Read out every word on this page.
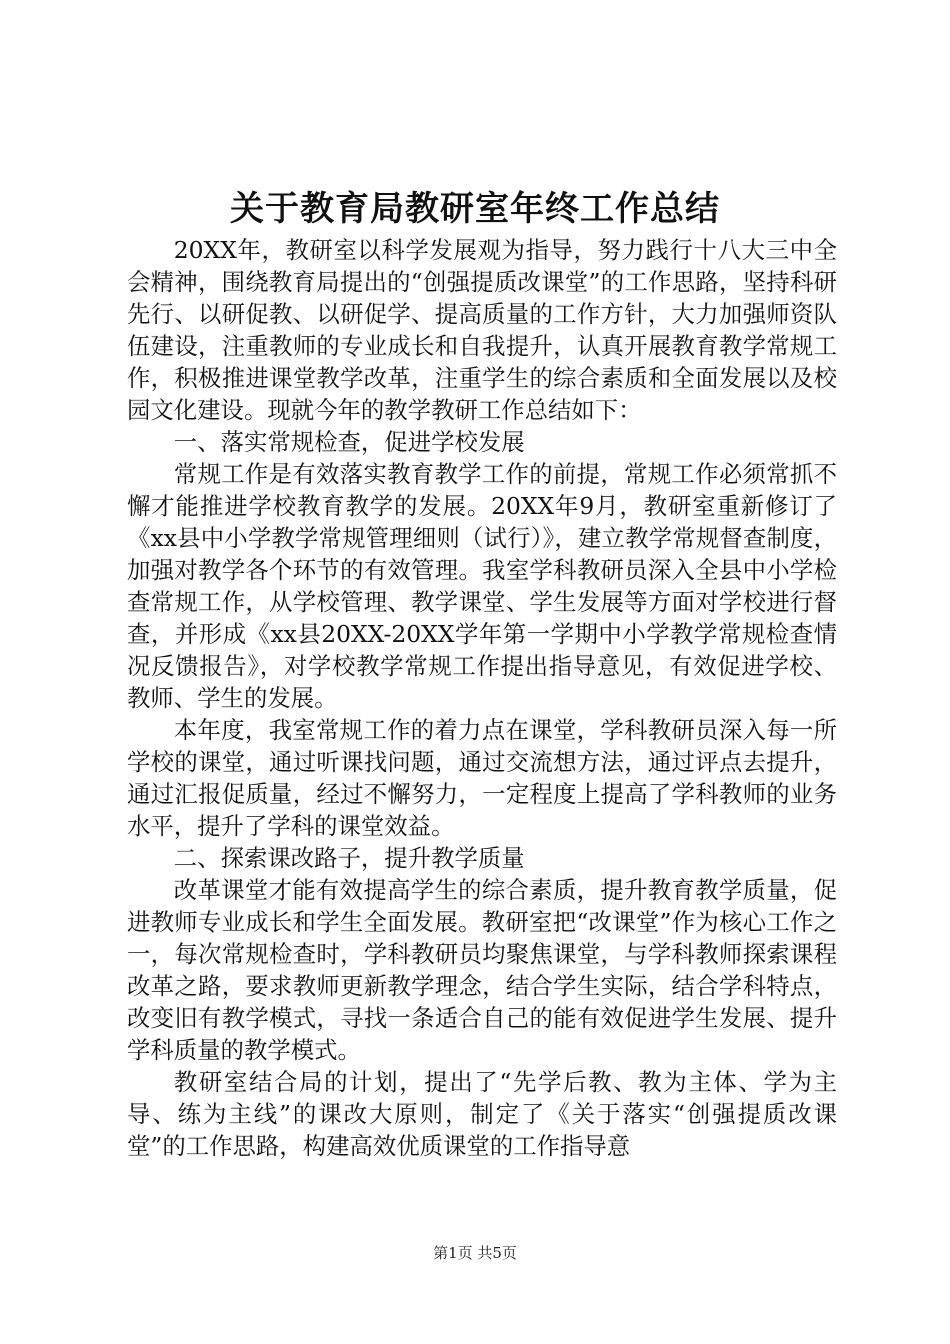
关于教育局教研室年终工作总结

20XX年，教研室以科学发展观为指导，努力践行十八大三中全会精神，围绕教育局提出的“创强提质改课堂”的工作思路，坚持科研先行、以研促教、以研促学、提高质量的工作方针，大力加强师资队伍建设，注重教师的专业成长和自我提升，认真开展教育教学常规工作，积极推进课堂教学改革，注重学生的综合素质和全面发展以及校园文化建设。现就今年的教学教研工作总结如下：

一、落实常规检查，促进学校发展

常规工作是有效落实教育教学工作的前提，常规工作必须常抓不懈才能推进学校教育教学的发展。20XX年9月，教研室重新修订了《xx县中小学教学常规管理细则（试行）》，建立教学常规督查制度，加强对教学各个环节的有效管理。我室学科教研员深入全县中小学检查常规工作，从学校管理、教学课堂、学生发展等方面对学校进行督查，并形成《xx县20XX-20XX学年第一学期中小学教学常规检查情况反馈报告》，对学校教学常规工作提出指导意见，有效促进学校、教师、学生的发展。

本年度，我室常规工作的着力点在课堂，学科教研员深入每一所学校的课堂，通过听课找问题，通过交流想方法，通过评点去提升，通过汇报促质量，经过不懈努力，一定程度上提高了学科教师的业务水平，提升了学科的课堂效益。

二、探索课改路子，提升教学质量

改革课堂才能有效提高学生的综合素质，提升教育教学质量，促进教师专业成长和学生全面发展。教研室把“改课堂”作为核心工作之一，每次常规检查时，学科教研员均聚焦课堂，与学科教师探索课程改革之路，要求教师更新教学理念，结合学生实际，结合学科特点，改变旧有教学模式，寻找一条适合自己的能有效促进学生发展、提升学科质量的教学模式。

教研室结合局的计划，提出了“先学后教、教为主体、学为主导、练为主线”的课改大原则，制定了《关于落实“创强提质改课堂”的工作思路，构建高效优质课堂的工作指导意

第1页 共5页
